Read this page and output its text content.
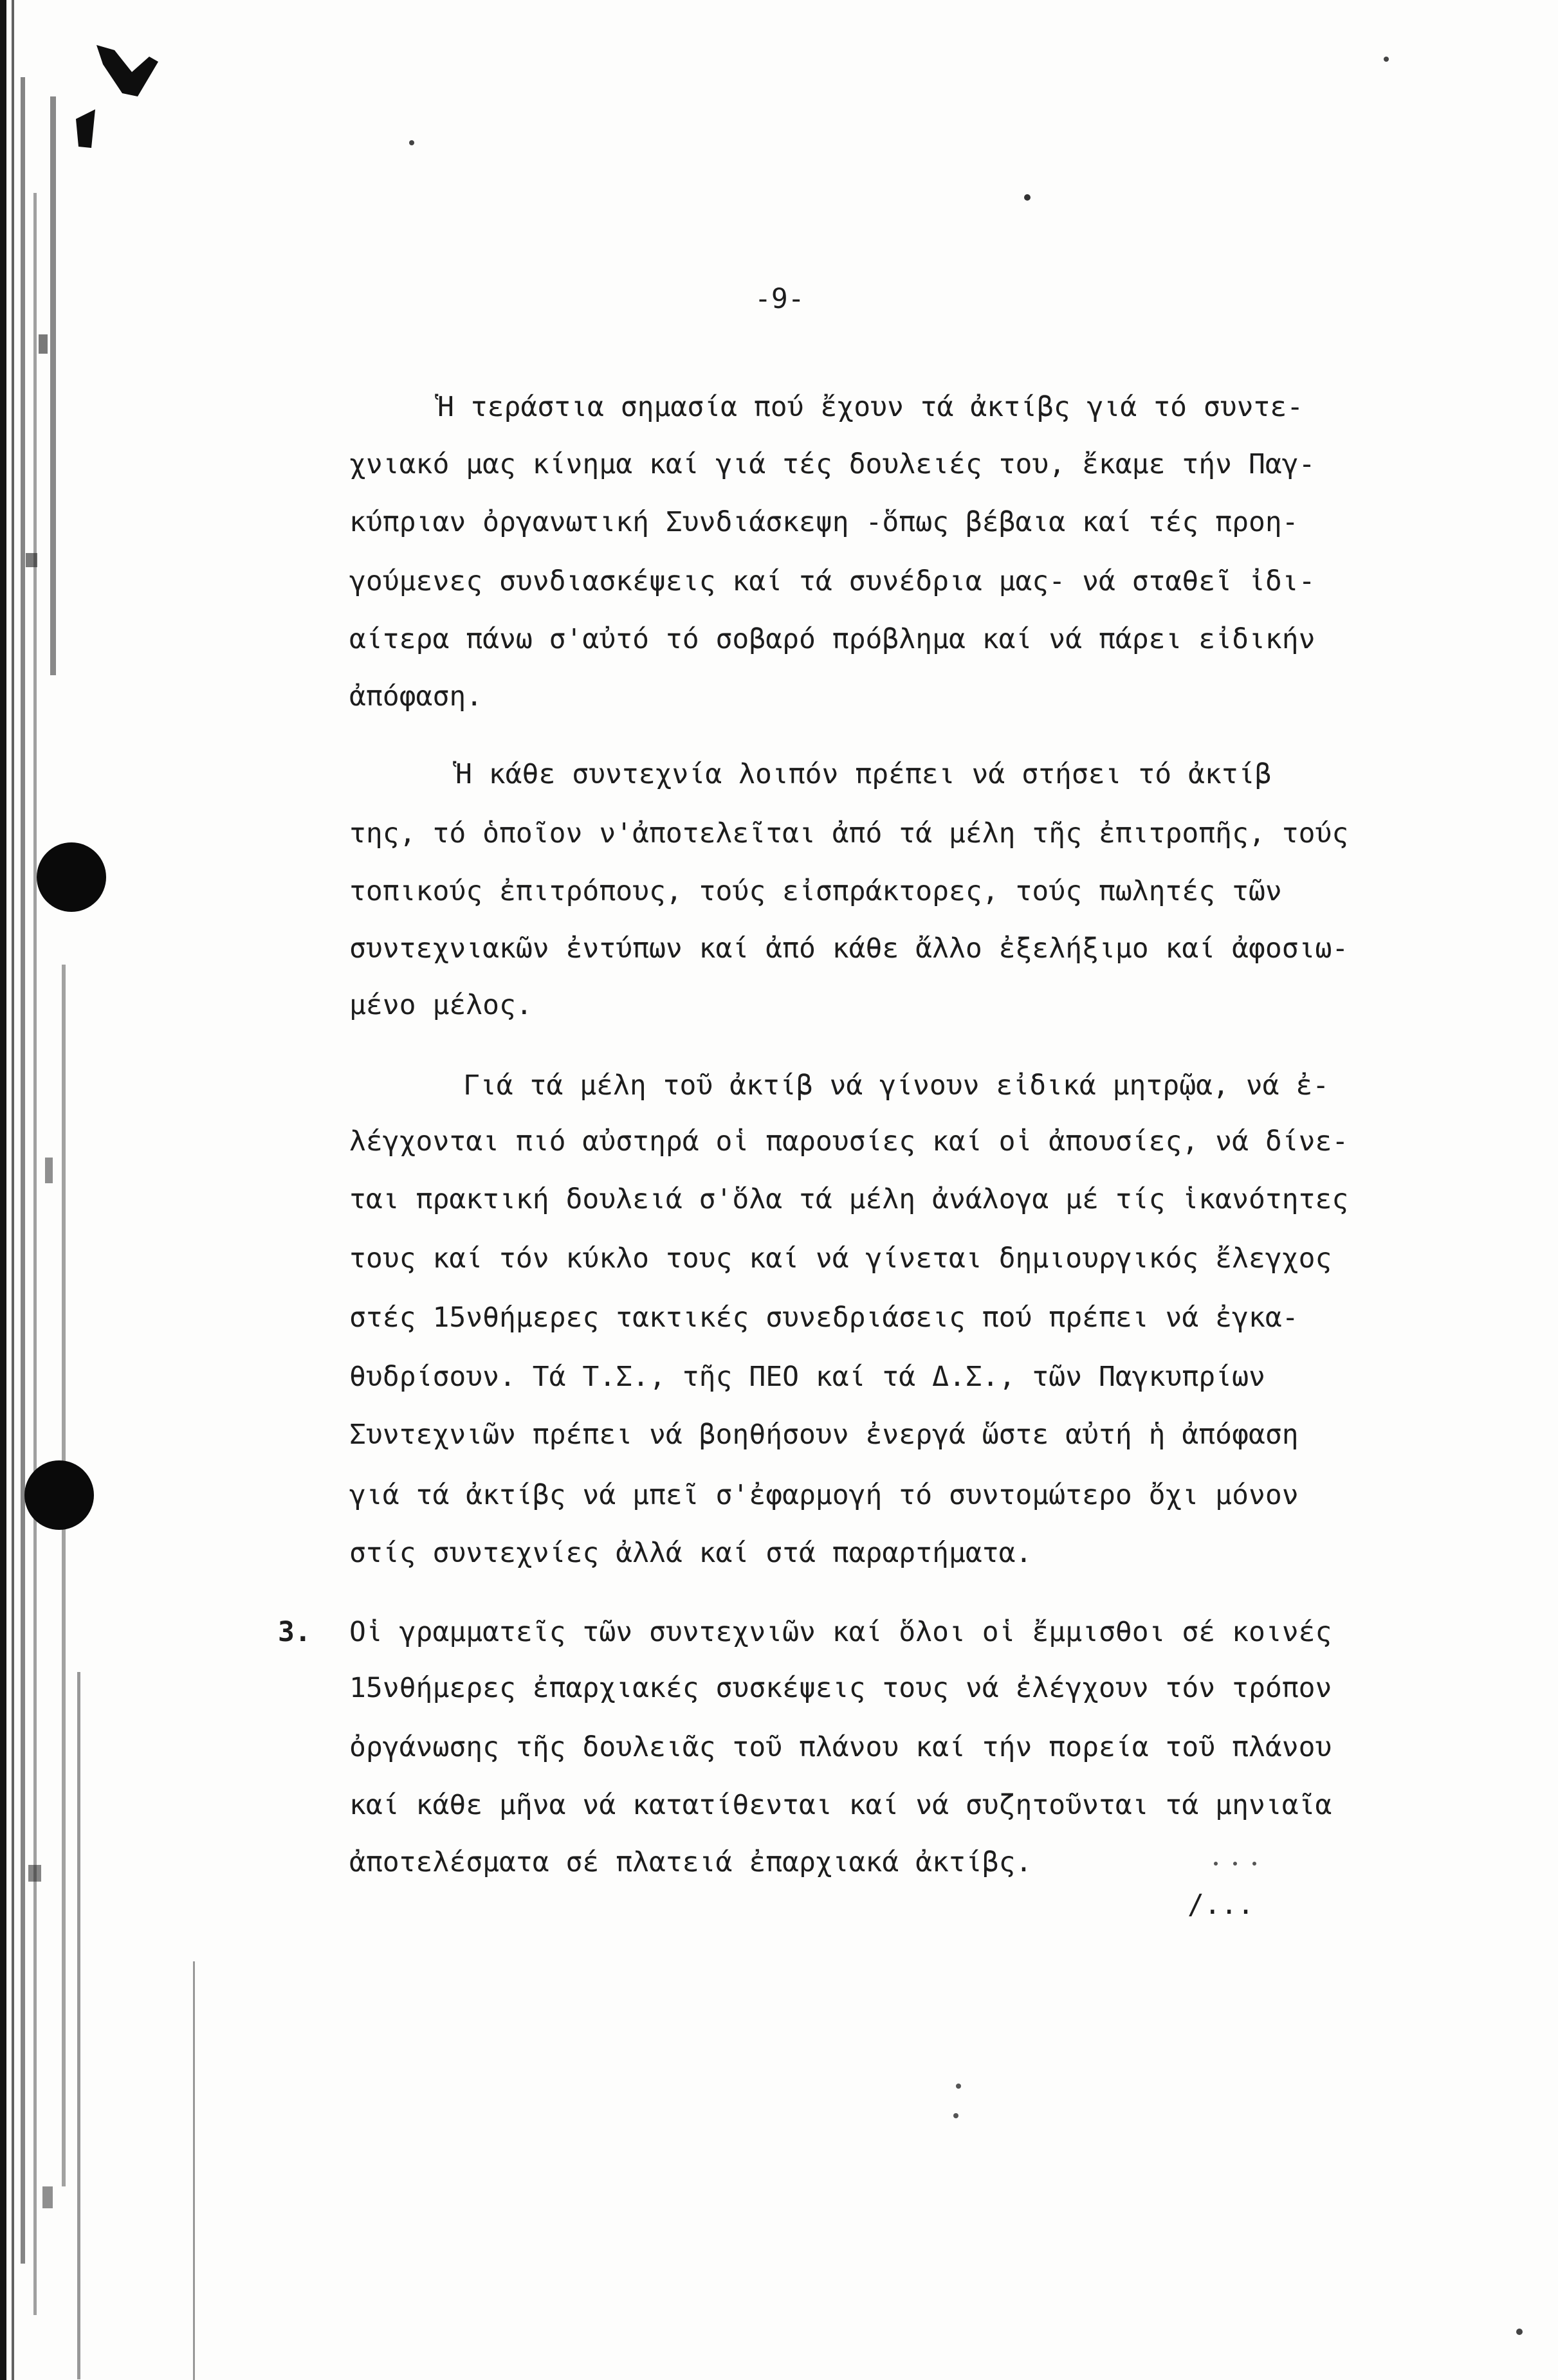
-9-
Ἡ τεράστια σημασία πού ἔχουν τά ἀκτίβς γιά τό συντε-
χνιακό μας κίνημα καί γιά τές δουλειές του, ἔκαμε τήν Παγ-
κύπριαν ὀργανωτική Συνδιάσκεψη -ὅπως βέβαια καί τές προη-
γούμενες συνδιασκέψεις καί τά συνέδρια μας- νά σταθεῖ ἰδι-
αίτερα πάνω σ'αὐτό τό σοβαρό πρόβλημα καί νά πάρει εἰδικήν
ἀπόφαση.
Ἡ κάθε συντεχνία λοιπόν πρέπει νά στήσει τό ἀκτίβ
της, τό ὁποῖον ν'ἀποτελεῖται ἀπό τά μέλη τῆς ἐπιτροπῆς, τούς
τοπικούς ἐπιτρόπους, τούς εἰσπράκτορες, τούς πωλητές τῶν
συντεχνιακῶν ἐντύπων καί ἀπό κάθε ἄλλο ἐξελήξιμο καί ἀφοσιω-
μένο μέλος.
Γιά τά μέλη τοῦ ἀκτίβ νά γίνουν εἰδικά μητρῷα, νά ἐ-
λέγχονται πιό αὐστηρά οἱ παρουσίες καί οἱ ἀπουσίες, νά δίνε-
ται πρακτική δουλειά σ'ὅλα τά μέλη ἀνάλογα μέ τίς ἱκανότητες
τους καί τόν κύκλο τους καί νά γίνεται δημιουργικός ἔλεγχος
στές 15νθήμερες τακτικές συνεδριάσεις πού πρέπει νά ἐγκα-
θυδρίσουν. Τά Τ.Σ., τῆς ΠΕΟ καί τά Δ.Σ., τῶν Παγκυπρίων
Συντεχνιῶν πρέπει νά βοηθήσουν ἐνεργά ὥστε αὐτή ἡ ἀπόφαση
γιά τά ἀκτίβς νά μπεῖ σ'ἐφαρμογή τό συντομώτερο ὄχι μόνον
στίς συντεχνίες ἀλλά καί στά παραρτήματα.
3. Οἱ γραμματεῖς τῶν συντεχνιῶν καί ὅλοι οἱ ἔμμισθοι σέ κοινές
15νθήμερες ἐπαρχιακές συσκέψεις τους νά ἐλέγχουν τόν τρόπον
ὀργάνωσης τῆς δουλειᾶς τοῦ πλάνου καί τήν πορεία τοῦ πλάνου
καί κάθε μῆνα νά κατατίθενται καί νά συζητοῦνται τά μηνιαῖα
ἀποτελέσματα σέ πλατειά ἐπαρχιακά ἀκτίβς.
/...
